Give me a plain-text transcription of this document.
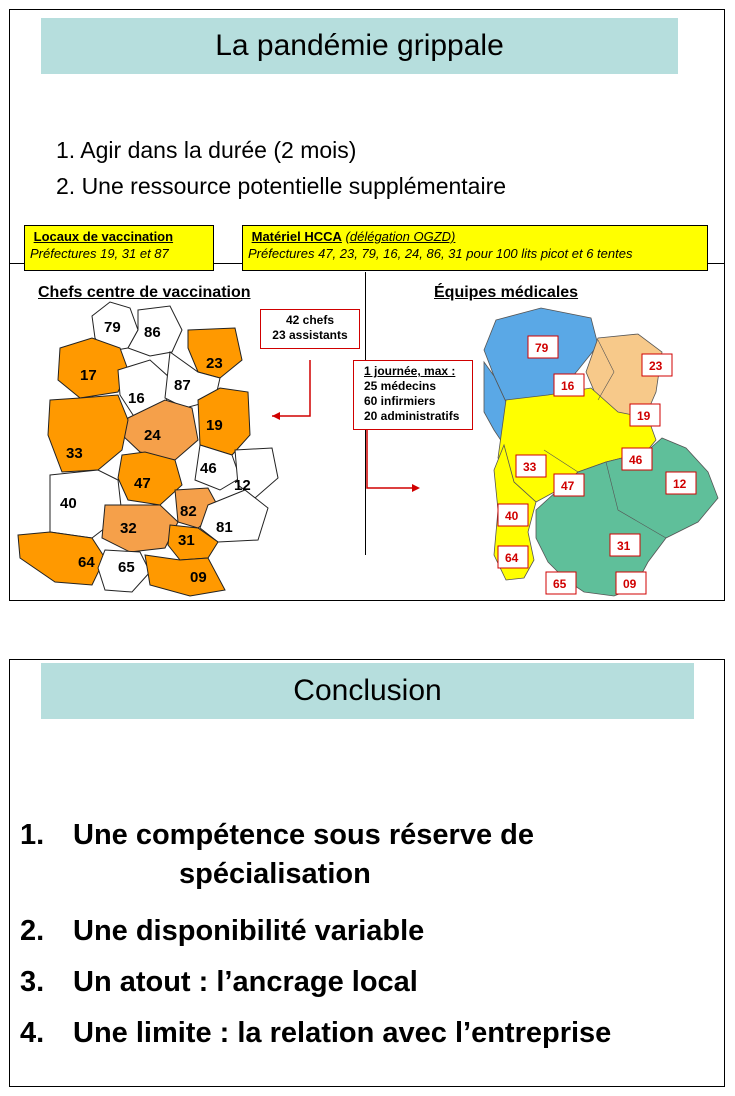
La pandémie grippale
1. Agir dans la durée (2 mois)
2. Une ressource potentielle supplémentaire
Locaux de vaccination
Préfectures 19, 31 et 87
Matériel HCCA (délégation OGZD)
Préfectures 47, 23, 79, 16, 24, 86, 31 pour 100 lits picot et 6 tentes
Chefs centre de vaccination	Équipes médicales
79 86
17
23
16
87
24
19
33
46
12
47
40	82
32	81
31
64 65
09
42 chefs
23 assistants
79
23
16
19
33	46
47	12
40
31
64
65	09
1 journée, max :
25 médecins
60 infirmiers
20 administratifs
Conclusion
1. Une compétence sous réserve de
spécialisation
2. Une disponibilité variable
3. Un atout : l’ancrage local
4. Une limite : la relation avec l’entreprise
